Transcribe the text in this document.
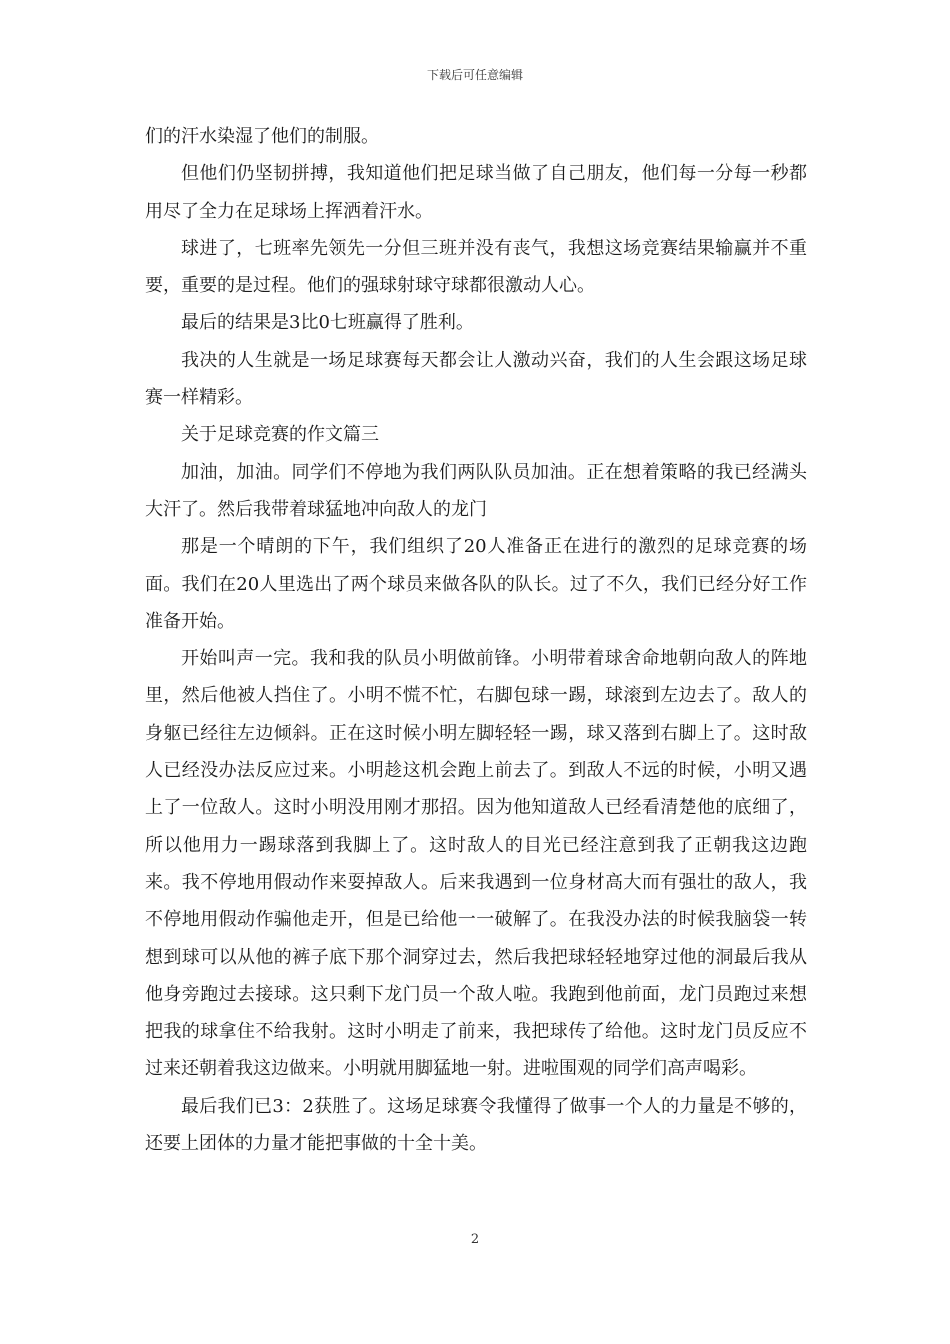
下载后可任意编辑

们的汗水染湿了他们的制服。

但他们仍坚韧拼搏，我知道他们把足球当做了自己朋友，他们每一分每一秒都用尽了全力在足球场上挥洒着汗水。

球进了，七班率先领先一分但三班并没有丧气，我想这场竞赛结果输赢并不重要，重要的是过程。他们的强球射球守球都很激动人心。

最后的结果是3比0七班赢得了胜利。

我决的人生就是一场足球赛每天都会让人激动兴奋，我们的人生会跟这场足球赛一样精彩。

关于足球竞赛的作文篇三

加油，加油。同学们不停地为我们两队队员加油。正在想着策略的我已经满头大汗了。然后我带着球猛地冲向敌人的龙门

那是一个晴朗的下午，我们组织了20人准备正在进行的激烈的足球竞赛的场面。我们在20人里选出了两个球员来做各队的队长。过了不久，我们已经分好工作准备开始。

开始叫声一完。我和我的队员小明做前锋。小明带着球舍命地朝向敌人的阵地里，然后他被人挡住了。小明不慌不忙，右脚包球一踢，球滚到左边去了。敌人的身躯已经往左边倾斜。正在这时候小明左脚轻轻一踢，球又落到右脚上了。这时敌人已经没办法反应过来。小明趁这机会跑上前去了。到敌人不远的时候，小明又遇上了一位敌人。这时小明没用刚才那招。因为他知道敌人已经看清楚他的底细了，所以他用力一踢球落到我脚上了。这时敌人的目光已经注意到我了正朝我这边跑来。我不停地用假动作来耍掉敌人。后来我遇到一位身材高大而有强壮的敌人，我不停地用假动作骗他走开，但是已给他一一破解了。在我没办法的时候我脑袋一转想到球可以从他的裤子底下那个洞穿过去，然后我把球轻轻地穿过他的洞最后我从他身旁跑过去接球。这只剩下龙门员一个敌人啦。我跑到他前面，龙门员跑过来想把我的球拿住不给我射。这时小明走了前来，我把球传了给他。这时龙门员反应不过来还朝着我这边做来。小明就用脚猛地一射。进啦围观的同学们高声喝彩。

最后我们已3：2获胜了。这场足球赛令我懂得了做事一个人的力量是不够的，还要上团体的力量才能把事做的十全十美。

2
